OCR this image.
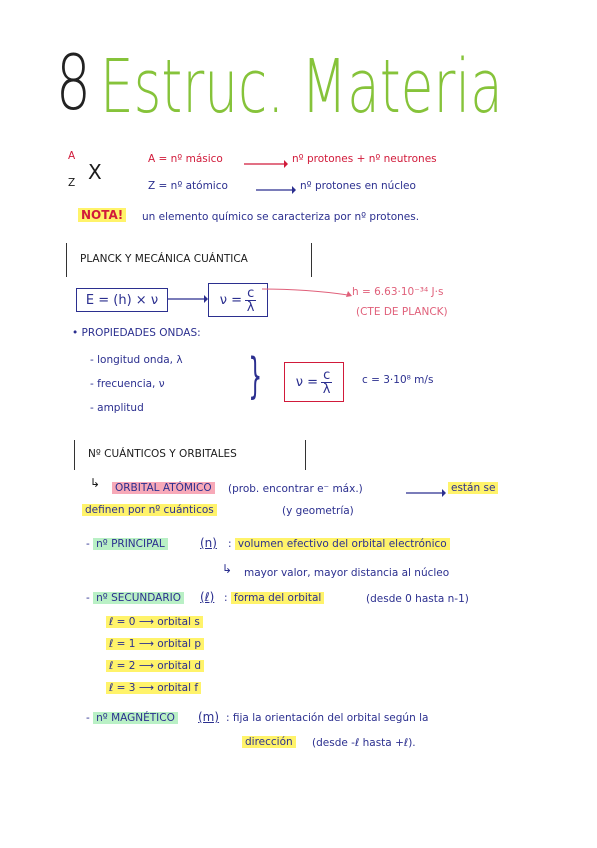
8 Estruc. Materia
A
Z X
A = nº másico	nº protones + nº neutrones
Z = nº atómico	nº protones en núcleo
NOTA! un elemento químico se caracteriza por nº protones.
PLANCK Y MECÁNICA CUÁNTICA
E = (h) × ν	$\nu = \frac{c}{\lambda}$	h = 6.63·10⁻³⁴ J·s
(CTE DE PLANCK)
• PROPIEDADES ONDAS:
- longitud onda, λ
- frecuencia, ν
- amplitud
}	$\nu = \frac{c}{\lambda}$	c = 3·10⁸ m/s
Nº CUÁNTICOS Y ORBITALES
↳ ORBITAL ATÓMICO (prob. encontrar e⁻ máx.)	están se
definen por nº cuánticos	(y geometría)
- nº PRINCIPAL	(n) : volumen efectivo del orbital electrónico
↳ mayor valor, mayor distancia al núcleo
- nº SECUNDARIO (ℓ) : forma del orbital	(desde 0 hasta n-1)
ℓ = 0 ⟶ orbital s
ℓ = 1 ⟶ orbital p
ℓ = 2 ⟶ orbital d
ℓ = 3 ⟶ orbital f
- nº MAGNÉTICO (m) : fija la orientación del orbital según la
dirección (desde -ℓ hasta +ℓ).
